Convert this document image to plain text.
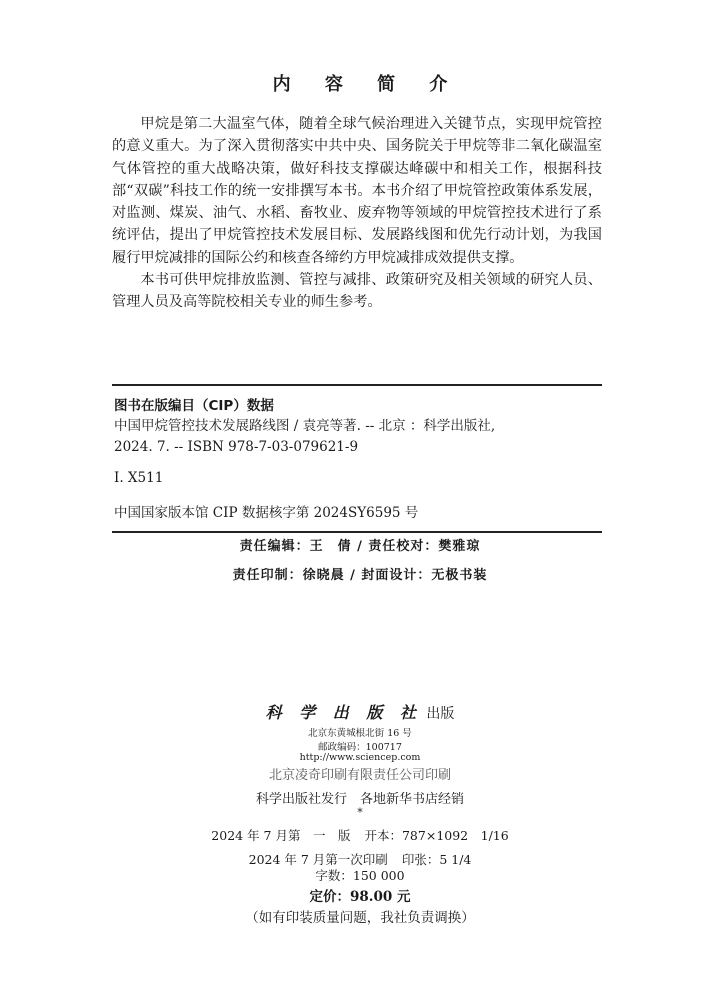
内 容 简 介

甲烷是第二大温室气体，随着全球气候治理进入关键节点，实现甲烷管控的意义重大。为了深入贯彻落实中共中央、国务院关于甲烷等非二氧化碳温室气体管控的重大战略决策，做好科技支撑碳达峰碳中和相关工作，根据科技部“双碳”科技工作的统一安排撰写本书。本书介绍了甲烷管控政策体系发展，对监测、煤炭、油气、水稻、畜牧业、废弃物等领域的甲烷管控技术进行了系统评估，提出了甲烷管控技术发展目标、发展路线图和优先行动计划，为我国履行甲烷减排的国际公约和核查各缔约方甲烷减排成效提供支撑。

本书可供甲烷排放监测、管控与减排、政策研究及相关领域的研究人员、管理人员及高等院校相关专业的师生参考。

图书在版编目（CIP）数据

中国甲烷管控技术发展路线图 / 袁亮等著. -- 北京 ：科学出版社,

2024. 7. -- ISBN 978-7-03-079621-9

Ⅰ. X511
中国国家版本馆 CIP 数据核字第 2024SY6595 号
责任编辑：王　倩 / 责任校对：樊雅琼
责任印制：徐晓晨 / 封面设计：无极书装
科 学 出 版 社 出版
北京东黄城根北街 16 号
邮政编码：100717
http://www.sciencep.com
北京凌奇印刷有限责任公司印刷
科学出版社发行　各地新华书店经销
*
2024 年 7 月第　一　版 开本：787×1092　1/16
2024 年 7 月第一次印刷 印张：5 1/4
字数：150 000
定价：98.00 元
（如有印装质量问题，我社负责调换）
